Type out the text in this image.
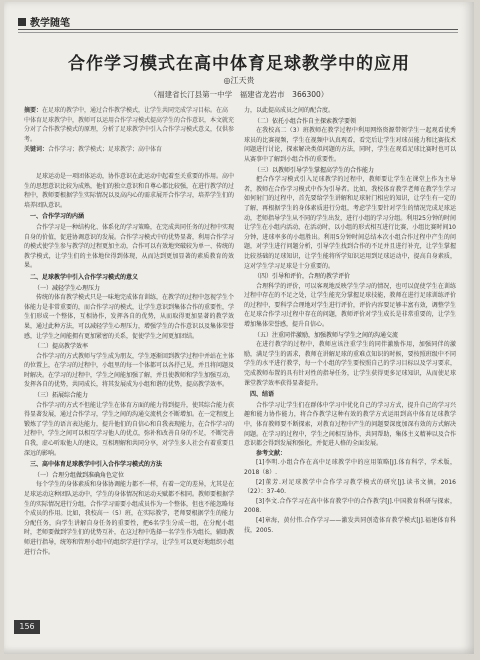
教学随笔
合作学习模式在高中体育足球教学中的应用
◎江天贵
（福建省长汀县第一中学　福建省龙岩市　366300）
摘要：在足球的教学中，通过合作教学模式，让学生共同完成学习目标。在高中体育足球教学中，教师可以运用合作学习模式提高学生的合作意识，本文就充分对了合作教学模式的原理，分析了足球教学中引入合作学习模式意义，仅供参考。
关键词：合作学习；教学模式；足球教学；高中体育

足球运动是一项团体运动，协作意识在此运动中起着至关重要的作用。高中生的思想意识比较为成熟，他们的独立意识和自尊心都比较强，在进行教学的过程中，教师要根据学生实际情况以及高内心的需求展开合作学习，培养学生们的培养团队意识。

一、合作学习的内涵

合作学习是一种结构化、体系化的学习策略，在完成共同任务的过程中实现自身的价值，促进协调意识的发展。合作学习模式中的优势显著，利用合作学习的模式使学生参与教学的过程更加主动，合作可以有效地突破较为单一、传统的教学模式，让学生们的主体地位得到体现，从而达到更加显著的素质教育的效果。

二、足球教学中引入合作学习模式的意义

（一）减轻学生心理压力

传统的体育教学模式只是一味地完成体育训练，在教学的过程中忽视学生个体能力是非常重要的，而合作学习的模式，让学生意识到集体合作的重要性，学生们形成一个整体，互相协作，发挥各自的优势，从而取得更加显著的教学效果，通过此种方法，可以减轻学生心理压力，增强学生的合作意识以及集体荣誉感，让学生之间能拥有更加紧密的关系，促使学生之间更加团结。

（二）提高教学效率

合作学习的方式教师与学生成为朋友，学生逐渐回到教学过程中并站在主体的位置上，在学习的过程中，小组里的每一个体都可以各抒己见，并且将问题及时解决。在学习的过程中，学生之间能加强了解，并且使教师和学生加强互动，发挥各自的优势，共同成长，将其发展成为小组和谐的优势，提高教学效率。

（三）拓展综合能力

合作学习的方式不但能让学生在体育方面的能力得到提升，使其综合能力获得显著发展，通过合作学习，学生之间的沟通交流机会不断增加。在一定程度上锻炼了学生的语言表达能力，提升他们的自信心和自我表现能力，在合作学习的过程中，学生之间可以相互学习他人的优点，弥补和改善自身的不足，不断完善自我，虚心听取他人的建议，互相理解和共同分享，对学生多人社会有着重要且深远的影响。

三、高中体育足球教学中引入合作学习模式的方法

（一）合理分组做到准确角色定位

每个学生的身体素质和身体协调能力都不一样，有着一定的差异，尤其是在足球运动这种团队运动中，学生的身体情况和运动天赋都不相同。教师要根据学生的实际情况进行分组，合作学习需要小组成员作为一个整体，但也不能忽略每个成员的作用。比如，我校高一（5）班，在实际教学，老师要根据学生的能力分配任务，向学生讲解自身任务的重要性，把6名学生分成一组，在分配小组时，老师要做到学生们的优势互补，在这过程中选择一名学生作为组长，辅助教师进行指导，统筹和管理小组中的组织学进行学习，让学生可以更好地组织小组进行合作。

力，以此提高成员之间的配合度。

（二）依托小组合作自主探索教学要领

在我校高二（3）班教师在教学过程中利用网络资源带领学生一起观看优秀球员的比赛视频，学生在视频中认真观看，看完后让学生对球员能力和比赛技术问题进行讨论，探索解决类似问题的方法，同时，学生在观看足球比赛时也可以从赛事中了解到小组合作的重要性。

（三）以教师引导学生掌握高学生的合作能力

把合作学习模式引入足球教学的过程中，教师要让学生在课堂上作为主导者，教师在合作学习模式中作为引导者。比如，我校体育教学老师在教学生学习如何射门的过程中，首先要给学生讲解和足球射门相应的知识，让学生有一定的了解，再根据学生的身体素质进行分组，考虑学生要针对学生的情况完成足球运动，老师指导学生从不同的学生出发，进行小组的学习分组。利用25分钟的时间让学生在小组内活动，在活动时，以小组的形式相互进行比赛，小组比赛时间10分钟，进球率多的小组胜出。利用5分钟时间总结本次小组合作过程中产生的问题，对学生进行问题分析，引导学生找到合作的不足并且进行补充，让学生掌握比较基础的足球知识，让学生能将所学知识运用到足球运动中，提高自身素质，这对学生学习足球是十分重要的。

（四）引导和评价，合理的教学评价

合理科学的评价，可以客观地反映学生学习的情况，也可以促使学生在训练过程中存在的不足之处，让学生能充分掌握足球技能，教师在进行足球训练评价的过程中，要科学合理地对学生进行评价，评价内容要足够丰富有效，调整学生在足球合作学习过程中存在的问题，教师评价对学生成长是非常重要的，让学生增加集体荣誉感，提升自信心。

（五）注重同伴激励，加强教师与学生之间的沟通交流

在进行教学的过程中，教师应该注重学生的同伴激励作用，加强同伴的激励，满足学生的需求，教师在讲解足球的重难点知识的时候，要按照班级中不同学生的水平进行教学，每一个小组的学生要按照自己的学习目标以及学习要求，完成教师布置的具有针对性的指导任务，让学生获得更多足球知识，从而使足球课堂教学效率获得显著提升。

四、结语

合作学习让学生们在群体中学习中优化自己的学习方式，提升自己的学习兴趣和能力协作能力，将合作教学这种有效的教学方式运用到高中体育足球教学中，体育教师要不断探索，对教育过程中产生的问题要深度加深有效的方式解决问题。在学习的过程中，学生之间相互协作，共同帮助，集体主义精神以及合作意识都会得到发展和强化，并促进人格的全面发展。

参考文献：

[1]李明.小组合作在高中足球教学中的应用策略[J].体育科学，学术版，2018（8）.

[2]董芳.对足球教学中合作学习教学模式的研究[J].读书文摘，2016（22）：37-40.

[3]李文.合作学习在高中体育教学中的合作教学[J].中国教育科研与探索，2008.

[4]章海，黄付伟.合作学习——激发共同创造体育教学模式[J].福建体育科技，2005.

156
